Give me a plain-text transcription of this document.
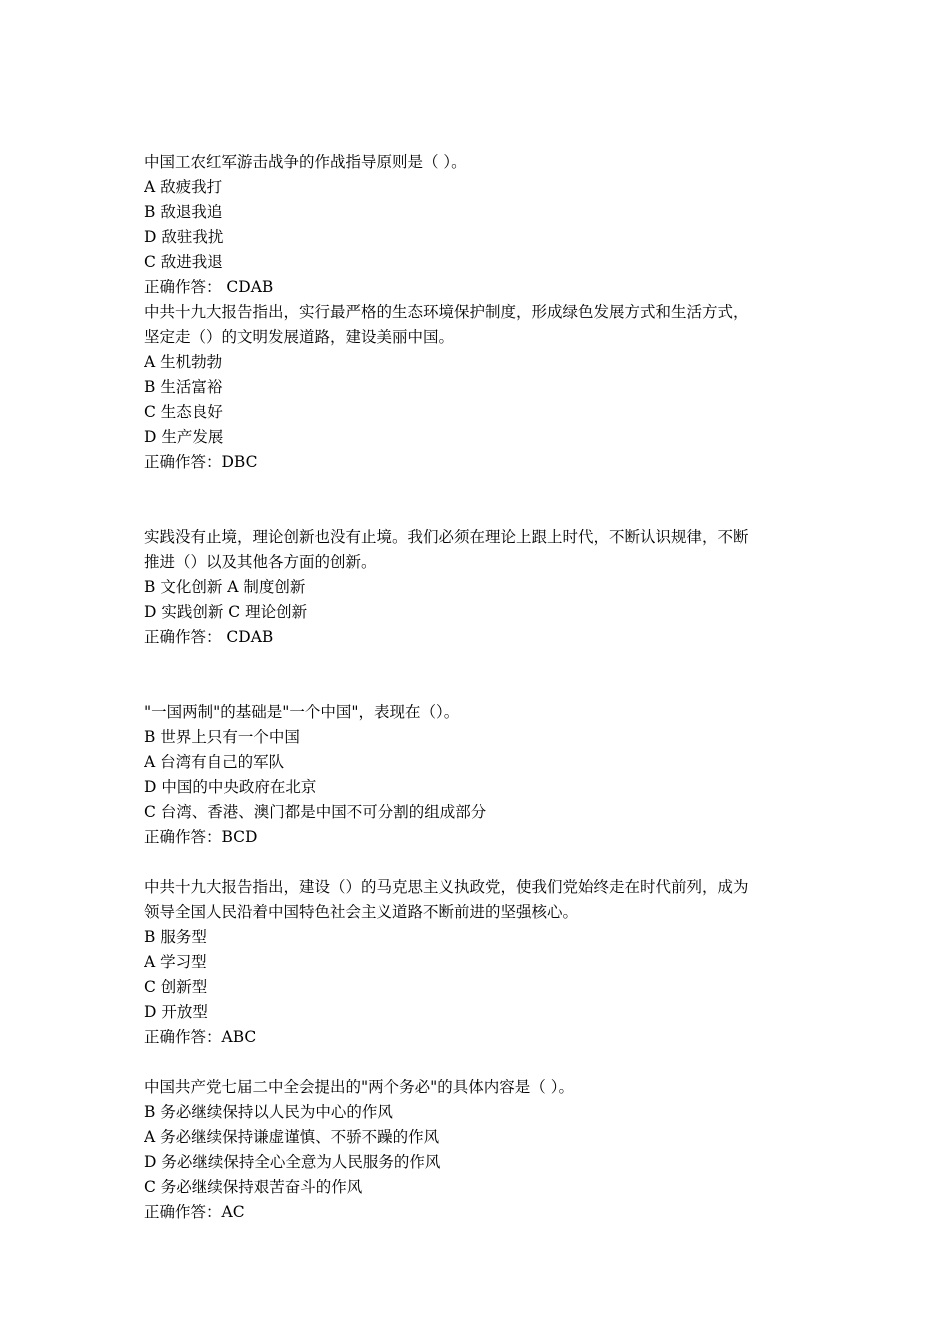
中国工农红军游击战争的作战指导原则是（ ）。
A 敌疲我打
B 敌退我追
D 敌驻我扰
C 敌进我退
正确作答： CDAB
中共十九大报告指出，实行最严格的生态环境保护制度，形成绿色发展方式和生活方式，
坚定走（）的文明发展道路，建设美丽中国。
A 生机勃勃
B 生活富裕
C 生态良好
D 生产发展
正确作答：DBC
实践没有止境，理论创新也没有止境。我们必须在理论上跟上时代，不断认识规律，不断
推进（）以及其他各方面的创新。
B 文化创新 A 制度创新
D 实践创新 C 理论创新
正确作答： CDAB
"一国两制"的基础是"一个中国"，表现在（）。
B 世界上只有一个中国
A 台湾有自己的军队
D 中国的中央政府在北京
C 台湾、香港、澳门都是中国不可分割的组成部分
正确作答：BCD
中共十九大报告指出，建设（）的马克思主义执政党，使我们党始终走在时代前列，成为
领导全国人民沿着中国特色社会主义道路不断前进的坚强核心。
B 服务型
A 学习型
C 创新型
D 开放型
正确作答：ABC
中国共产党七届二中全会提出的"两个务必"的具体内容是（ ）。
B 务必继续保持以人民为中心的作风
A 务必继续保持谦虚谨慎、不骄不躁的作风
D 务必继续保持全心全意为人民服务的作风
C 务必继续保持艰苦奋斗的作风
正确作答：AC
